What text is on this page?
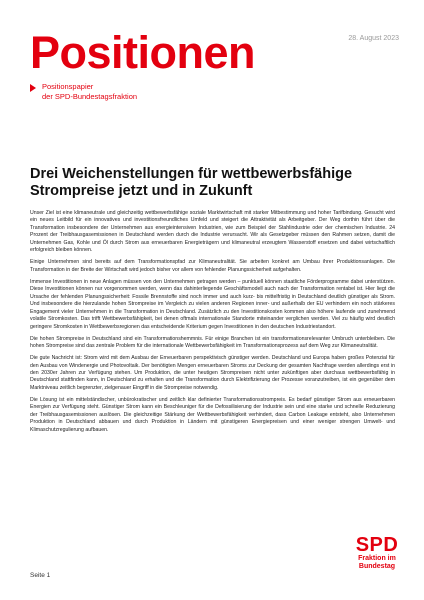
Positionen	28. August 2023
Positionspapier
der SPD-Bundestagsfraktion
Drei Weichenstellungen für wettbewerbsfähige
Strompreise jetzt und in Zukunft

Unser Ziel ist eine klimaneutrale und gleichzeitig wettbewerbsfähige soziale Marktwirtschaft mit starker Mitbestimmung und hoher Tarifbindung. Gesucht wird ein neues Leitbild für ein innovatives und investitionsfreundliches Umfeld und steigert die Attraktivität als Arbeitgeber. Der Weg dorthin führt über die Transformation insbesondere der Unternehmen aus energieintensiven Industrien, wie zum Beispiel der Stahlindustrie oder der chemischen Industrie. 24 Prozent der Treibhausgasemissionen in Deutschland werden durch die Industrie verursacht. Wir als Gesetzgeber müssen den Rahmen setzen, damit die Unternehmen Gas, Kohle und Öl durch Strom aus erneuerbaren Energieträgern und klimaneutral erzeugtem Wasserstoff ersetzen und dabei wirtschaftlich erfolgreich bleiben können.

Einige Unternehmen sind bereits auf dem Transformationspfad zur Klimaneutralität. Sie arbeiten konkret am Umbau ihrer Produktionsanlagen. Die Transformation in der Breite der Wirtschaft wird jedoch bisher vor allem von fehlender Planungssicherheit aufgehalten.

Immense Investitionen in neue Anlagen müssen von den Unternehmen getragen werden – punktuell können staatliche Förderprogramme dabei unterstützen. Diese Investitionen können nur vorgenommen werden, wenn das dahinterliegende Geschäftsmodell auch nach der Transformation rentabel ist. Hier liegt die Ursache der fehlenden Planungssicherheit: Fossile Brennstoffe sind noch immer und auch kurz- bis mittelfristig in Deutschland deutlich günstiger als Strom. Und insbesondere die hierzulande hohen Strompreise im Vergleich zu vielen anderen Regionen inner- und außerhalb der EU verhindern ein noch stärkeres Engagement vieler Unternehmen in die Transformation in Deutschland. Zusätzlich zu den Investitionskosten kommen also höhere laufende und zunehmend volatile Stromkosten. Das trifft Wettbewerbsfähigkeit, bei denen oftmals internationale Standorte miteinander verglichen werden. Viel zu häufig wird deutlich geringere Stromkosten in Wettbewerbsregionen das entscheidende Kriterium gegen Investitionen in den deutschen Industriestandort.

Die hohen Strompreise in Deutschland sind ein Transformationshemmnis. Für einige Branchen ist ein transformationsrelevanter Umbruch unterbleiben. Die hohen Strompreise sind das zentrale Problem für die internationale Wettbewerbsfähigkeit im Transformationsprozess auf dem Weg zur Klimaneutralität.

Die gute Nachricht ist: Strom wird mit dem Ausbau der Erneuerbaren perspektivisch günstiger werden. Deutschland und Europa haben großes Potenzial für den Ausbau von Windenergie und Photovoltaik. Der benötigten Mengen erneuerbaren Stroms zur Deckung der gesamten Nachfrage werden allerdings erst in den 2030er Jahren zur Verfügung stehen. Um Produktion, die unter heutigen Strompreisen nicht unter zukünftigen aber durchaus wettbewerbsfähig in Deutschland stattfinden kann, in Deutschland zu erhalten und die Transformation durch Elektrifizierung der Prozesse voranzutreiben, ist ein gegenüber dem Marktniveau zeitlich begrenzter, zielgenauer Eingriff in die Strompreise notwendig.

Die Lösung ist ein mittelständischer, unbürokratischer und zeitlich klar definierter Transformationsstrompreis. Es bedarf günstiger Strom aus erneuerbaren Energien zur Verfügung steht. Günstiger Strom kann ein Beschleuniger für die Defossilisierung der Industrie sein und eine starke und schnelle Reduzierung der Treibhausgasemissionen auslösen. Die gleichzeitige Stärkung der Wettbewerbsfähigkeit verhindert, dass Carbon Leakage entsteht, also Unternehmen Produktion in Deutschland abbauen und durch Produktion in Ländern mit günstigeren Energiepreisen und einer weniger strengen Umwelt- und Klimaschutzregulierung aufbauen.

Seite 1
SPD
Fraktion im
Bundestag
